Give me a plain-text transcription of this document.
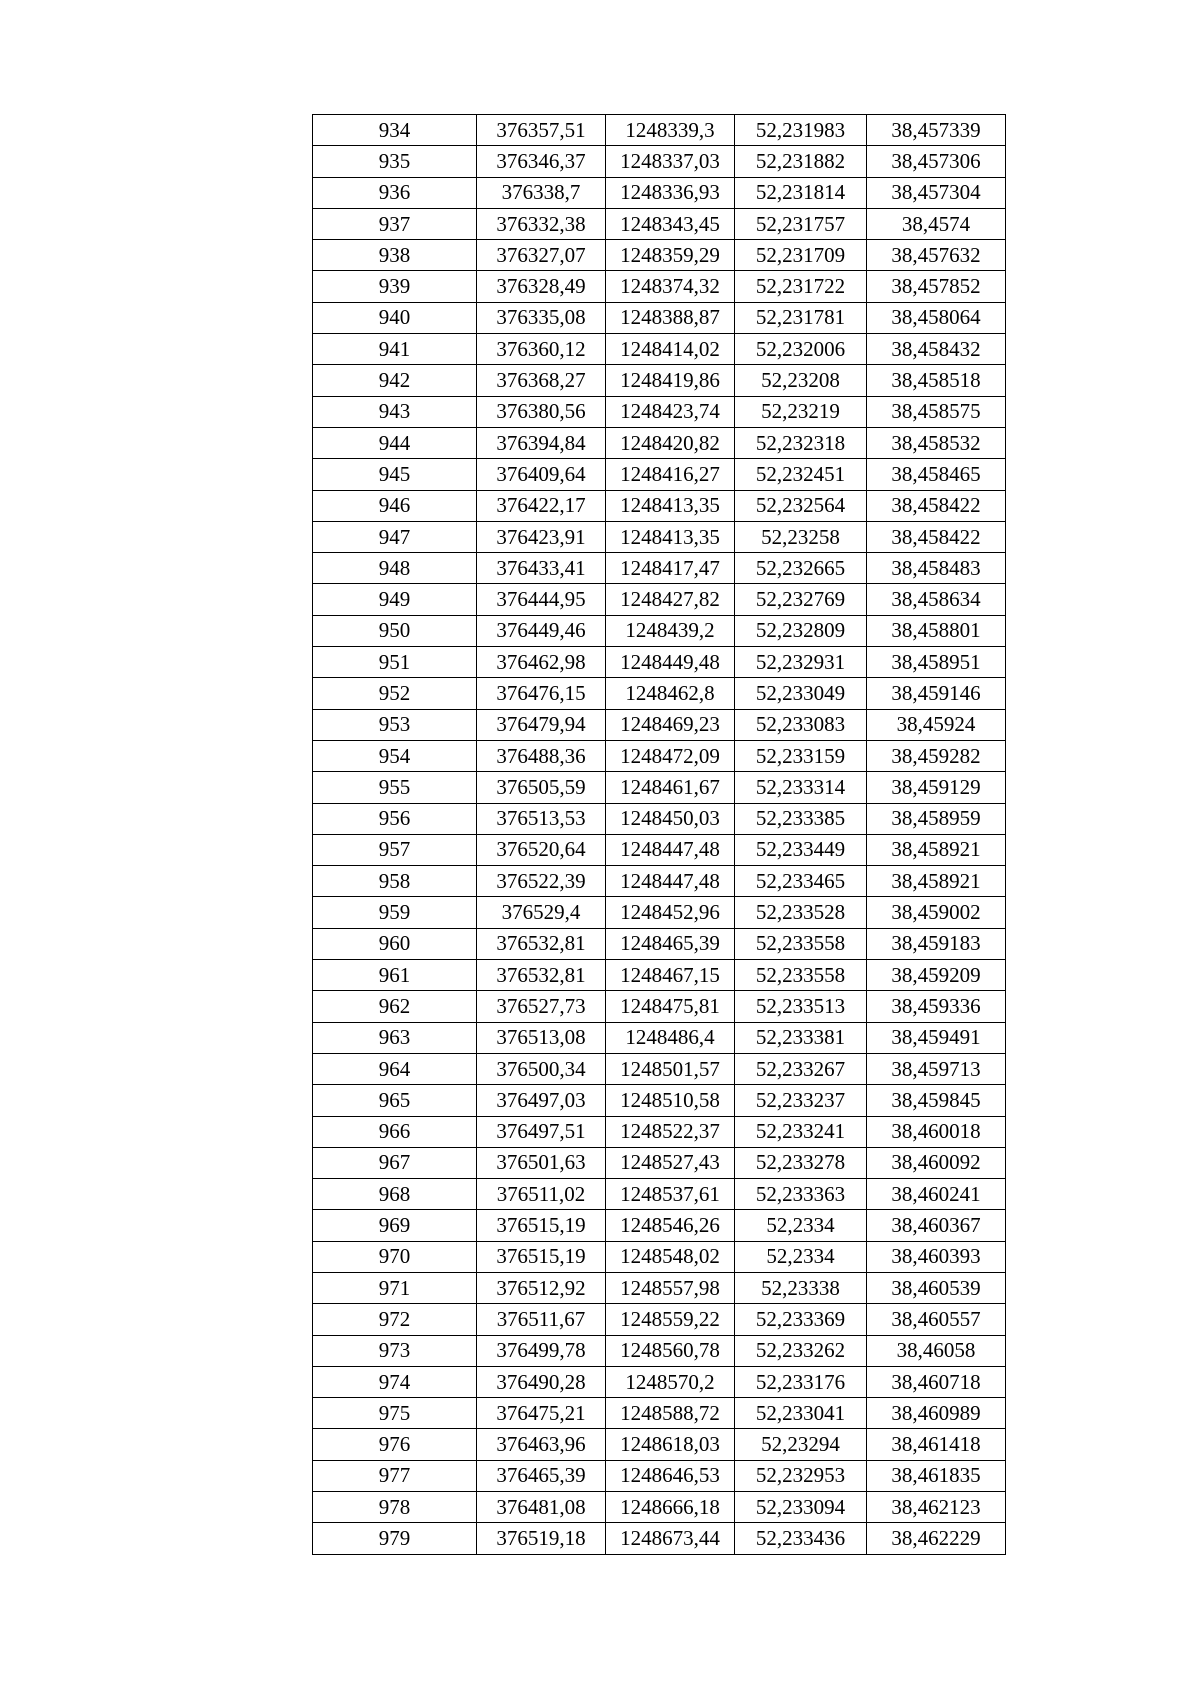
934	376357,51	1248339,3	52,231983	38,457339
935	376346,37	1248337,03	52,231882	38,457306
936	376338,7	1248336,93	52,231814	38,457304
937	376332,38	1248343,45	52,231757	38,4574
938	376327,07	1248359,29	52,231709	38,457632
939	376328,49	1248374,32	52,231722	38,457852
940	376335,08	1248388,87	52,231781	38,458064
941	376360,12	1248414,02	52,232006	38,458432
942	376368,27	1248419,86	52,23208	38,458518
943	376380,56	1248423,74	52,23219	38,458575
944	376394,84	1248420,82	52,232318	38,458532
945	376409,64	1248416,27	52,232451	38,458465
946	376422,17	1248413,35	52,232564	38,458422
947	376423,91	1248413,35	52,23258	38,458422
948	376433,41	1248417,47	52,232665	38,458483
949	376444,95	1248427,82	52,232769	38,458634
950	376449,46	1248439,2	52,232809	38,458801
951	376462,98	1248449,48	52,232931	38,458951
952	376476,15	1248462,8	52,233049	38,459146
953	376479,94	1248469,23	52,233083	38,45924
954	376488,36	1248472,09	52,233159	38,459282
955	376505,59	1248461,67	52,233314	38,459129
956	376513,53	1248450,03	52,233385	38,458959
957	376520,64	1248447,48	52,233449	38,458921
958	376522,39	1248447,48	52,233465	38,458921
959	376529,4	1248452,96	52,233528	38,459002
960	376532,81	1248465,39	52,233558	38,459183
961	376532,81	1248467,15	52,233558	38,459209
962	376527,73	1248475,81	52,233513	38,459336
963	376513,08	1248486,4	52,233381	38,459491
964	376500,34	1248501,57	52,233267	38,459713
965	376497,03	1248510,58	52,233237	38,459845
966	376497,51	1248522,37	52,233241	38,460018
967	376501,63	1248527,43	52,233278	38,460092
968	376511,02	1248537,61	52,233363	38,460241
969	376515,19	1248546,26	52,2334	38,460367
970	376515,19	1248548,02	52,2334	38,460393
971	376512,92	1248557,98	52,23338	38,460539
972	376511,67	1248559,22	52,233369	38,460557
973	376499,78	1248560,78	52,233262	38,46058
974	376490,28	1248570,2	52,233176	38,460718
975	376475,21	1248588,72	52,233041	38,460989
976	376463,96	1248618,03	52,23294	38,461418
977	376465,39	1248646,53	52,232953	38,461835
978	376481,08	1248666,18	52,233094	38,462123
979	376519,18	1248673,44	52,233436	38,462229
